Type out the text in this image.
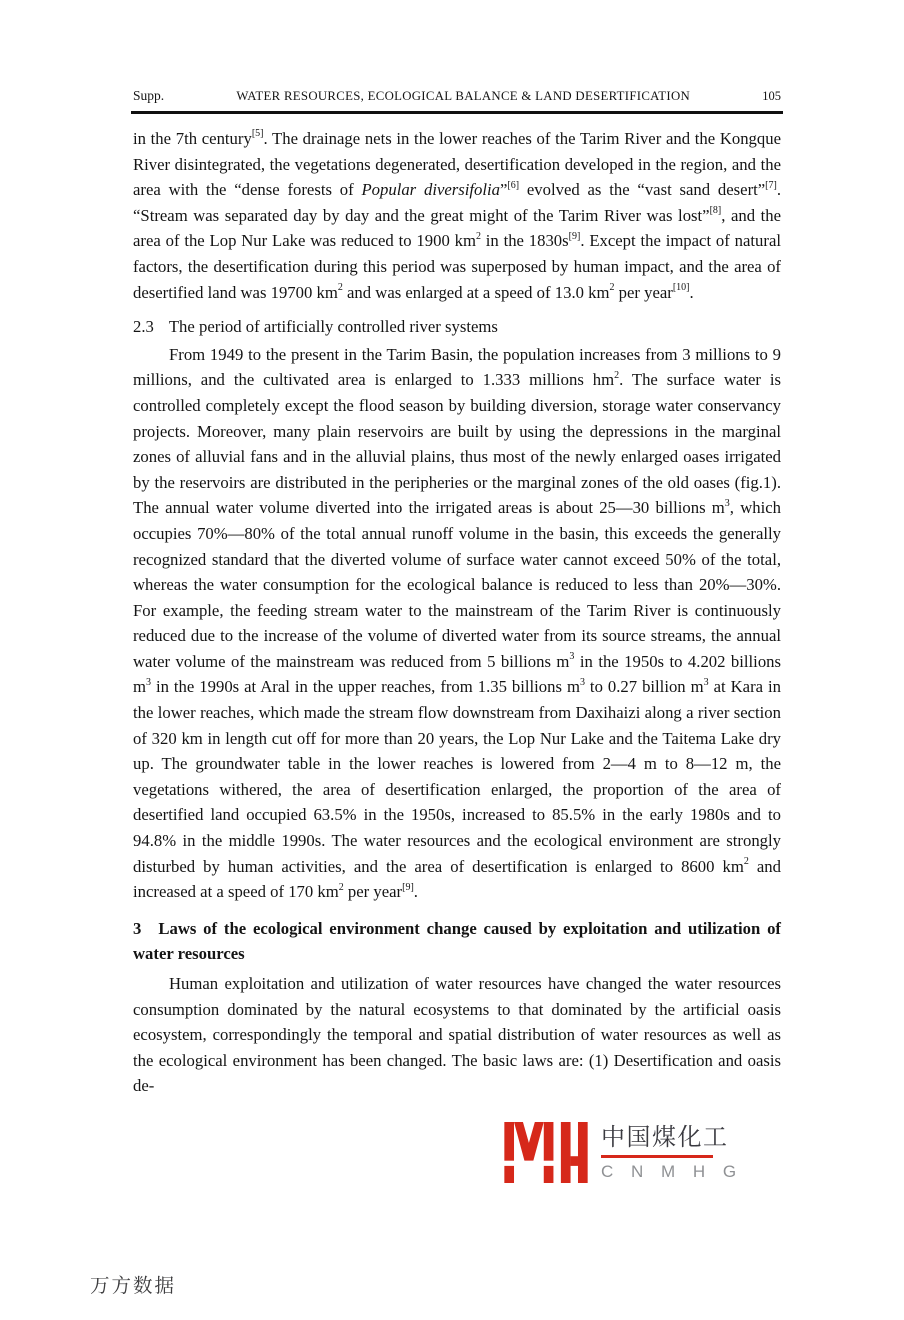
Supp.	WATER RESOURCES, ECOLOGICAL BALANCE & LAND DESERTIFICATION	105

in the 7th century[5]. The drainage nets in the lower reaches of the Tarim River and the Kongque River disintegrated, the vegetations degenerated, desertification developed in the region, and the area with the “dense forests of Popular diversifolia”[6] evolved as the “vast sand desert”[7]. “Stream was separated day by day and the great might of the Tarim River was lost”[8], and the area of the Lop Nur Lake was reduced to 1900 $km^2$ in the 1830s[9]. Except the impact of natural factors, the desertification during this period was superposed by human impact, and the area of desertified land was 19700 $km^2$ and was enlarged at a speed of 13.0 $km^2$ per year[10].

2.3 The period of artificially controlled river systems

From 1949 to the present in the Tarim Basin, the population increases from 3 millions to 9 millions, and the cultivated area is enlarged to 1.333 millions $hm^2$. The surface water is controlled completely except the flood season by building diversion, storage water conservancy projects. Moreover, many plain reservoirs are built by using the depressions in the marginal zones of alluvial fans and in the alluvial plains, thus most of the newly enlarged oases irrigated by the reservoirs are distributed in the peripheries or the marginal zones of the old oases (fig.1). The annual water volume diverted into the irrigated areas is about 25—30 billions $m^3$, which occupies 70%—80% of the total annual runoff volume in the basin, this exceeds the generally recognized standard that the diverted volume of surface water cannot exceed 50% of the total, whereas the water consumption for the ecological balance is reduced to less than 20%—30%. For example, the feeding stream water to the mainstream of the Tarim River is continuously reduced due to the increase of the volume of diverted water from its source streams, the annual water volume of the mainstream was reduced from 5 billions $m^3$ in the 1950s to 4.202 billions $m^3$ in the 1990s at Aral in the upper reaches, from 1.35 billions $m^3$ to 0.27 billion $m^3$ at Kara in the lower reaches, which made the stream flow downstream from Daxihaizi along a river section of 320 km in length cut off for more than 20 years, the Lop Nur Lake and the Taitema Lake dry up. The groundwater table in the lower reaches is lowered from 2—4 m to 8—12 m, the vegetations withered, the area of desertification enlarged, the proportion of the area of desertified land occupied 63.5% in the 1950s, increased to 85.5% in the early 1980s and to 94.8% in the middle 1990s. The water resources and the ecological environment are strongly disturbed by human activities, and the area of desertification is enlarged to 8600 $km^2$ and increased at a speed of 170 $km^2$ per year[9].

3 Laws of the ecological environment change caused by exploitation and utilization of water resources

Human exploitation and utilization of water resources have changed the water resources consumption dominated by the natural ecosystems to that dominated by the artificial oasis ecosystem, correspondingly the temporal and spatial distribution of water resources as well as the ecological environment has been changed. The basic laws are: (1) Desertification and oasis de-

中国煤化工
C N M H G
万方数据
